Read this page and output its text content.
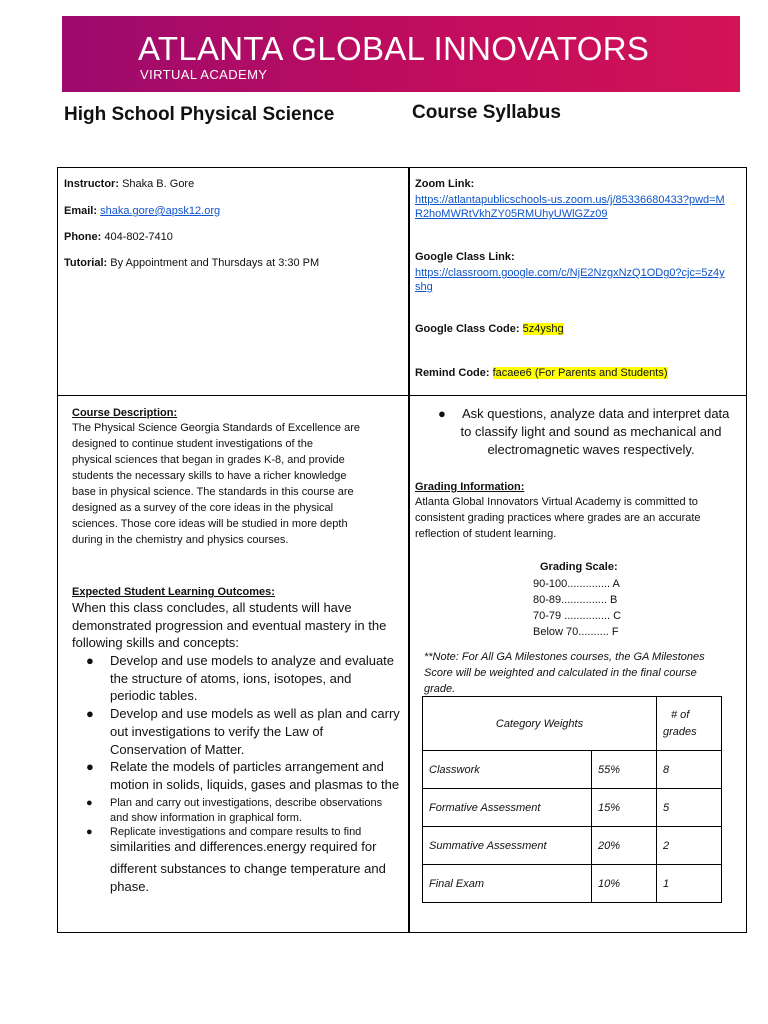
ATLANTA GLOBAL INNOVATORS
VIRTUAL ACADEMY
High School Physical Science	Course Syllabus
Instructor: Shaka B. Gore
Email: shaka.gore@apsk12.org
Phone: 404-802-7410
Tutorial: By Appointment and Thursdays at 3:30 PM
Zoom Link:
https://atlantapublicschools-us.zoom.us/j/85336680433?pwd=M
R2hoMWRtVkhZY05RMUhyUWlGZz09
Google Class Link:
https://classroom.google.com/c/NjE2NzgxNzQ1ODg0?cjc=5z4y
shg
Google Class Code: 5z4yshg
Remind Code: facaee6 (For Parents and Students)
Course Description:
The Physical Science Georgia Standards of Excellence are
designed to continue student investigations of the
physical sciences that began in grades K-8, and provide
students the necessary skills to have a richer knowledge
base in physical science. The standards in this course are
designed as a survey of the core ideas in the physical
sciences. Those core ideas will be studied in more depth
during in the chemistry and physics courses.
Expected Student Learning Outcomes:
When this class concludes, all students will have
demonstrated progression and eventual mastery in the
following skills and concepts:
● Develop and use models to analyze and evaluate
the structure of atoms, ions, isotopes, and
periodic tables.
● Develop and use models as well as plan and carry
out investigations to verify the Law of
Conservation of Matter.
● Relate the models of particles arrangement and
motion in solids, liquids, gases and plasmas to the
● Plan and carry out investigations, describe observations
and show information in graphical form.
● Replicate investigations and compare results to find
similarities and differences.energy required for
different substances to change temperature and
phase.
●	Ask questions, analyze data and interpret data
to classify light and sound as mechanical and
electromagnetic waves respectively.
Grading Information:
Atlanta Global Innovators Virtual Academy is committed to
consistent grading practices where grades are an accurate
reflection of student learning.
Grading Scale:
90-100.............. A
80-89............... B
70-79 ............... C
Below 70.......... F
**Note: For All GA Milestones courses, the GA Milestones
Score will be weighted and calculated in the final course
grade.
Category Weights		# of
grades

Classwork	55%	8
Formative Assessment	15%	5
Summative Assessment	20%	2
Final Exam	10%	1
